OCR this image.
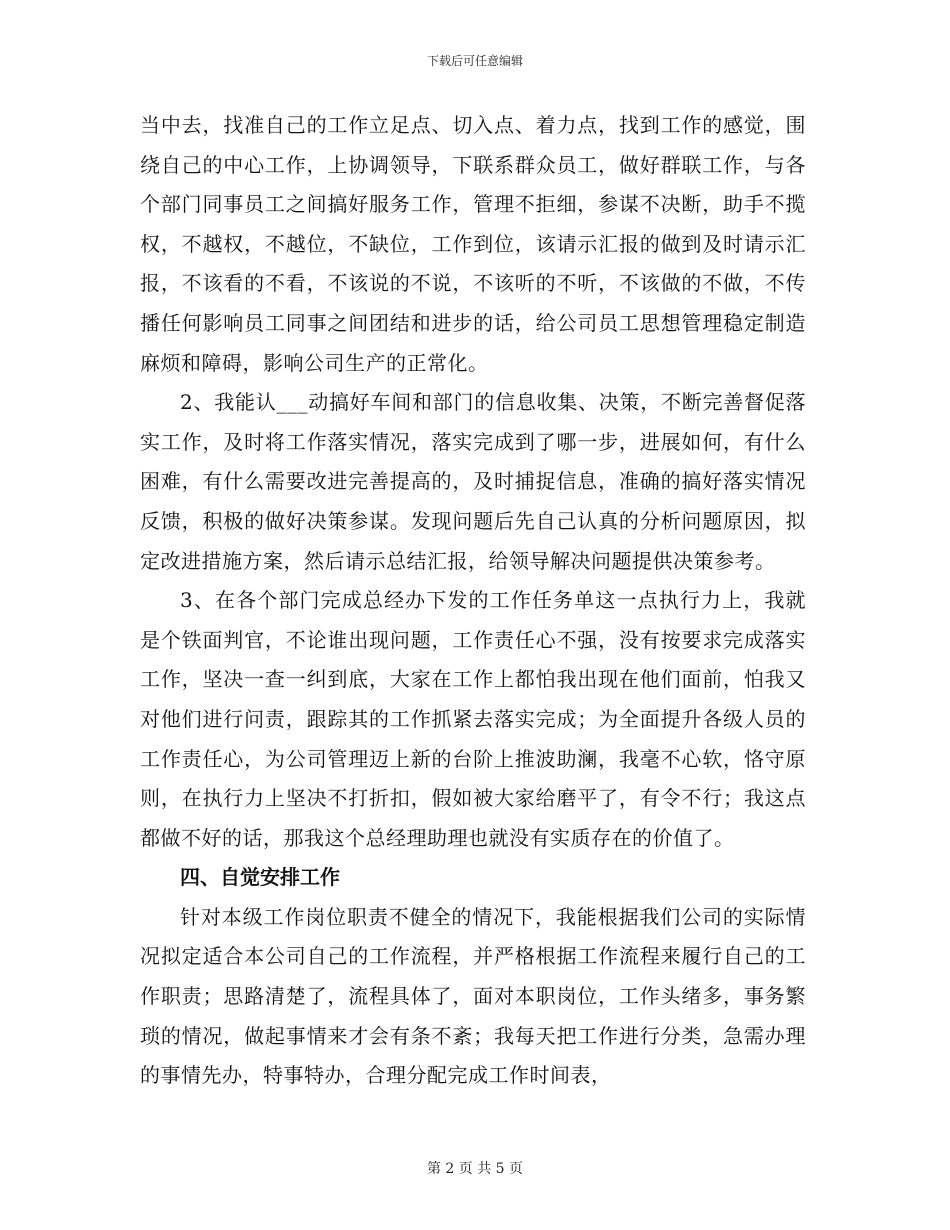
下载后可任意编辑

当中去，找准自己的工作立足点、切入点、着力点，找到工作的感觉，围绕自己的中心工作，上协调领导，下联系群众员工，做好群联工作，与各个部门同事员工之间搞好服务工作，管理不拒细，参谋不决断，助手不揽权，不越权，不越位，不缺位，工作到位，该请示汇报的做到及时请示汇报，不该看的不看，不该说的不说，不该听的不听，不该做的不做，不传播任何影响员工同事之间团结和进步的话，给公司员工思想管理稳定制造麻烦和障碍，影响公司生产的正常化。

2、我能认___动搞好车间和部门的信息收集、决策，不断完善督促落实工作，及时将工作落实情况，落实完成到了哪一步，进展如何，有什么困难，有什么需要改进完善提高的，及时捕捉信息，准确的搞好落实情况反馈，积极的做好决策参谋。发现问题后先自己认真的分析问题原因，拟定改进措施方案，然后请示总结汇报，给领导解决问题提供决策参考。

3、在各个部门完成总经办下发的工作任务单这一点执行力上，我就是个铁面判官，不论谁出现问题，工作责任心不强，没有按要求完成落实工作，坚决一查一纠到底，大家在工作上都怕我出现在他们面前，怕我又对他们进行问责，跟踪其的工作抓紧去落实完成；为全面提升各级人员的工作责任心，为公司管理迈上新的台阶上推波助澜，我毫不心软，恪守原则，在执行力上坚决不打折扣，假如被大家给磨平了，有令不行；我这点都做不好的话，那我这个总经理助理也就没有实质存在的价值了。

四、自觉安排工作

针对本级工作岗位职责不健全的情况下，我能根据我们公司的实际情况拟定适合本公司自己的工作流程，并严格根据工作流程来履行自己的工作职责；思路清楚了，流程具体了，面对本职岗位，工作头绪多，事务繁琐的情况，做起事情来才会有条不紊；我每天把工作进行分类，急需办理的事情先办，特事特办，合理分配完成工作时间表，

第 2 页 共 5 页
